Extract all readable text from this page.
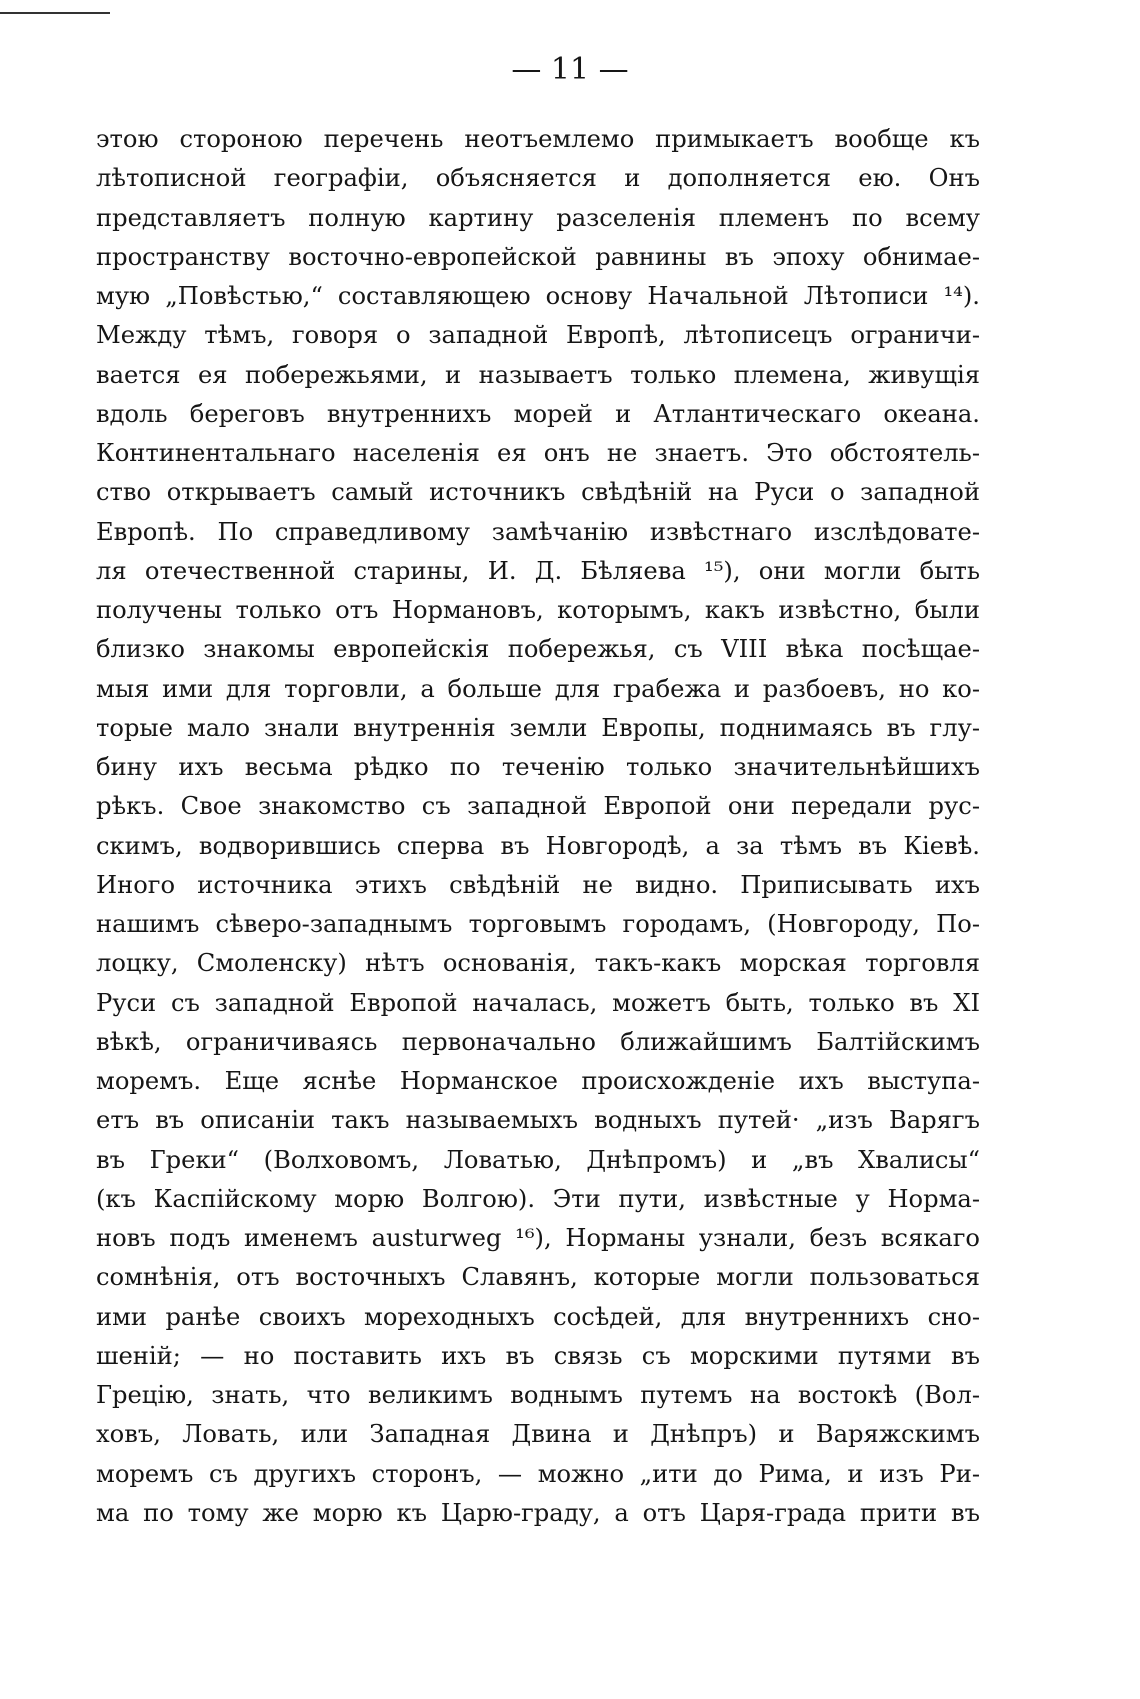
— 11 —
этою стороною перечень неотъемлемо примыкаетъ вообще къ
лѣтописной географіи, объясняется и дополняется ею. Онъ
представляетъ полную картину разселенія племенъ по всему
пространству восточно-европейской равнины въ эпоху обнимае-
мую „Повѣстью,“ составляющею основу Начальной Лѣтописи ¹⁴).
Между тѣмъ, говоря о западной Европѣ, лѣтописецъ ограничи-
вается ея побережьями, и называетъ только племена, живущія
вдоль береговъ внутреннихъ морей и Атлантическаго океана.
Континентальнаго населенія ея онъ не знаетъ. Это обстоятель-
ство открываетъ самый источникъ свѣдѣній на Руси о западной
Европѣ. По справедливому замѣчанію извѣстнаго изслѣдовате-
ля отечественной старины, И. Д. Бѣляева ¹⁵), они могли быть
получены только отъ Норманoвъ, которымъ, какъ извѣстно, были
близко знакомы европейскія побережья, съ VIII вѣка посѣщае-
мыя ими для торговли, а больше для грабежа и разбоевъ, но ко-
торые мало знали внутреннія земли Европы, поднимаясь въ глу-
бину ихъ весьма рѣдко по теченію только значительнѣйшихъ
рѣкъ. Свое знакомство съ западной Европой они передали рус-
скимъ, водворившись сперва въ Новгородѣ, а за тѣмъ въ Кіевѣ.
Иного источника этихъ свѣдѣній не видно. Приписывать ихъ
нашимъ сѣверо-западнымъ торговымъ городамъ, (Новгороду, По-
лоцку, Смоленску) нѣтъ основанія, такъ-какъ морская торговля
Руси съ западной Европой началась, можетъ быть, только въ XI
вѣкѣ, ограничиваясь первоначально ближайшимъ Балтійскимъ
моремъ. Еще яснѣе Норманское происхожденіе ихъ выступа-
етъ въ описаніи такъ называемыхъ водныхъ путей· „изъ Варягъ
въ Греки“ (Волховомъ, Ловатью, Днѣпромъ) и „въ Хвалисы“
(къ Каспійскому морю Волгою). Эти пути, извѣстные у Норма-
новъ подъ именемъ austurweg ¹⁶), Норманы узнали, безъ всякаго
сомнѣнія, отъ восточныхъ Славянъ, которые могли пользоваться
ими ранѣе своихъ мореходныхъ сосѣдей, для внутреннихъ сно-
шеній; — но поставить ихъ въ связь съ морскими путями въ
Грецію, знать, что великимъ воднымъ путемъ на востокѣ (Вол-
ховъ, Ловать, или Западная Двина и Днѣпръ) и Варяжскимъ
моремъ съ другихъ сторонъ, — можно „ити до Рима, и изъ Ри-
ма по тому же морю къ Царю-граду, а отъ Царя-града прити въ
